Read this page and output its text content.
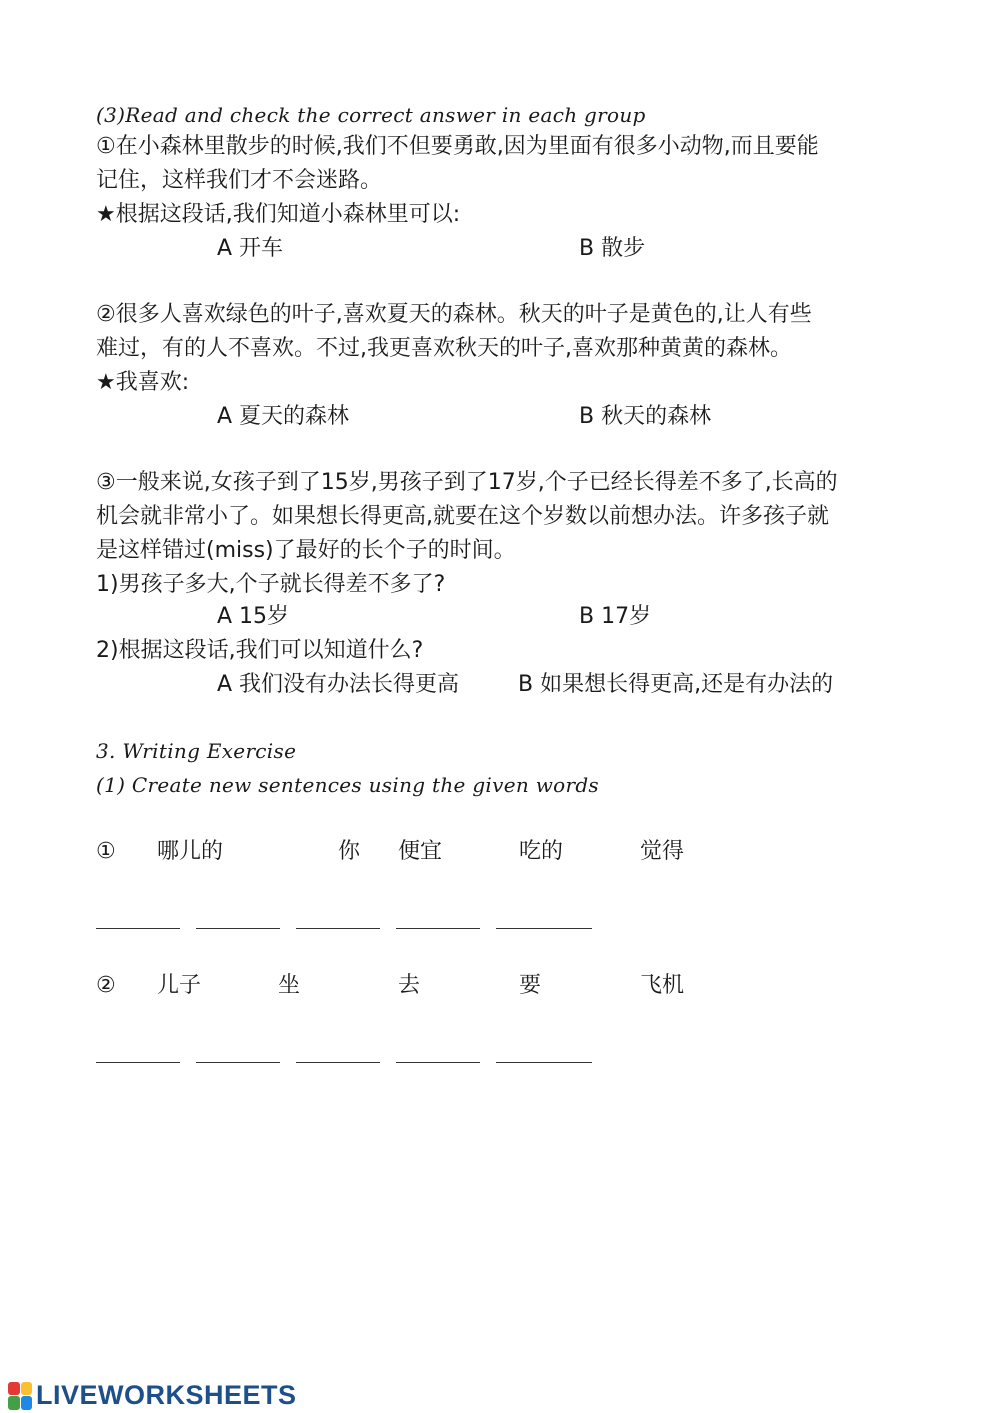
(3)Read and check the correct answer in each group
①在小森林里散步的时候,我们不但要勇敢,因为里面有很多小动物,而且要能
记住，这样我们才不会迷路。
★根据这段话,我们知道小森林里可以:
A 开车	B 散步
②很多人喜欢绿色的叶子,喜欢夏天的森林。秋天的叶子是黄色的,让人有些
难过，有的人不喜欢。不过,我更喜欢秋天的叶子,喜欢那种黄黄的森林。
★我喜欢:
A 夏天的森林	B 秋天的森林
③一般来说,女孩子到了15岁,男孩子到了17岁,个子已经长得差不多了,长高的
机会就非常小了。如果想长得更高,就要在这个岁数以前想办法。许多孩子就
是这样错过(miss)了最好的长个子的时间。
1)男孩子多大,个子就长得差不多了?
A 15岁	B 17岁
2)根据这段话,我们可以知道什么?
A 我们没有办法长得更高	B 如果想长得更高,还是有办法的
3. Writing Exercise
(1) Create new sentences using the given words
① 哪儿的	你 便宜	吃的	觉得
② 儿子	坐	去	要	飞机
LIVEWORKSHEETS
